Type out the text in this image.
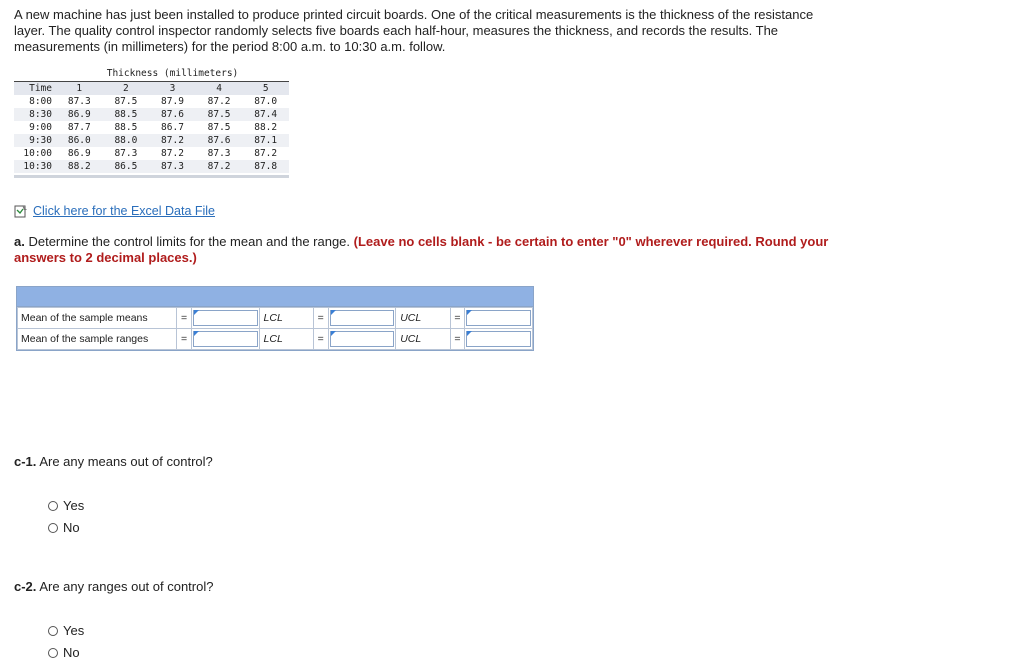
A new machine has just been installed to produce printed circuit boards. One of the critical measurements is the thickness of the resistance layer. The quality control inspector randomly selects five boards each half-hour, measures the thickness, and records the results. The measurements (in millimeters) for the period 8:00 a.m. to 10:30 a.m. follow.
	Thickness (millimeters)				
Time	1	2	3	4	5
8:00	87.3	87.5	87.9	87.2	87.0
8:30	86.9	88.5	87.6	87.5	87.4
9:00	87.7	88.5	86.7	87.5	88.2
9:30	86.0	88.0	87.2	87.6	87.1
10:00	86.9	87.3	87.2	87.3	87.2
10:30	88.2	86.5	87.3	87.2	87.8
Click here for the Excel Data File
a. Determine the control limits for the mean and the range. (Leave no cells blank - be certain to enter "0" wherever required. Round your answers to 2 decimal places.)
Mean of the sample means	=		LCL	=		UCL	=	

Mean of the sample ranges	=		LCL	=		UCL	=	
c-1. Are any means out of control?
Yes
No
c-2. Are any ranges out of control?
Yes
No
